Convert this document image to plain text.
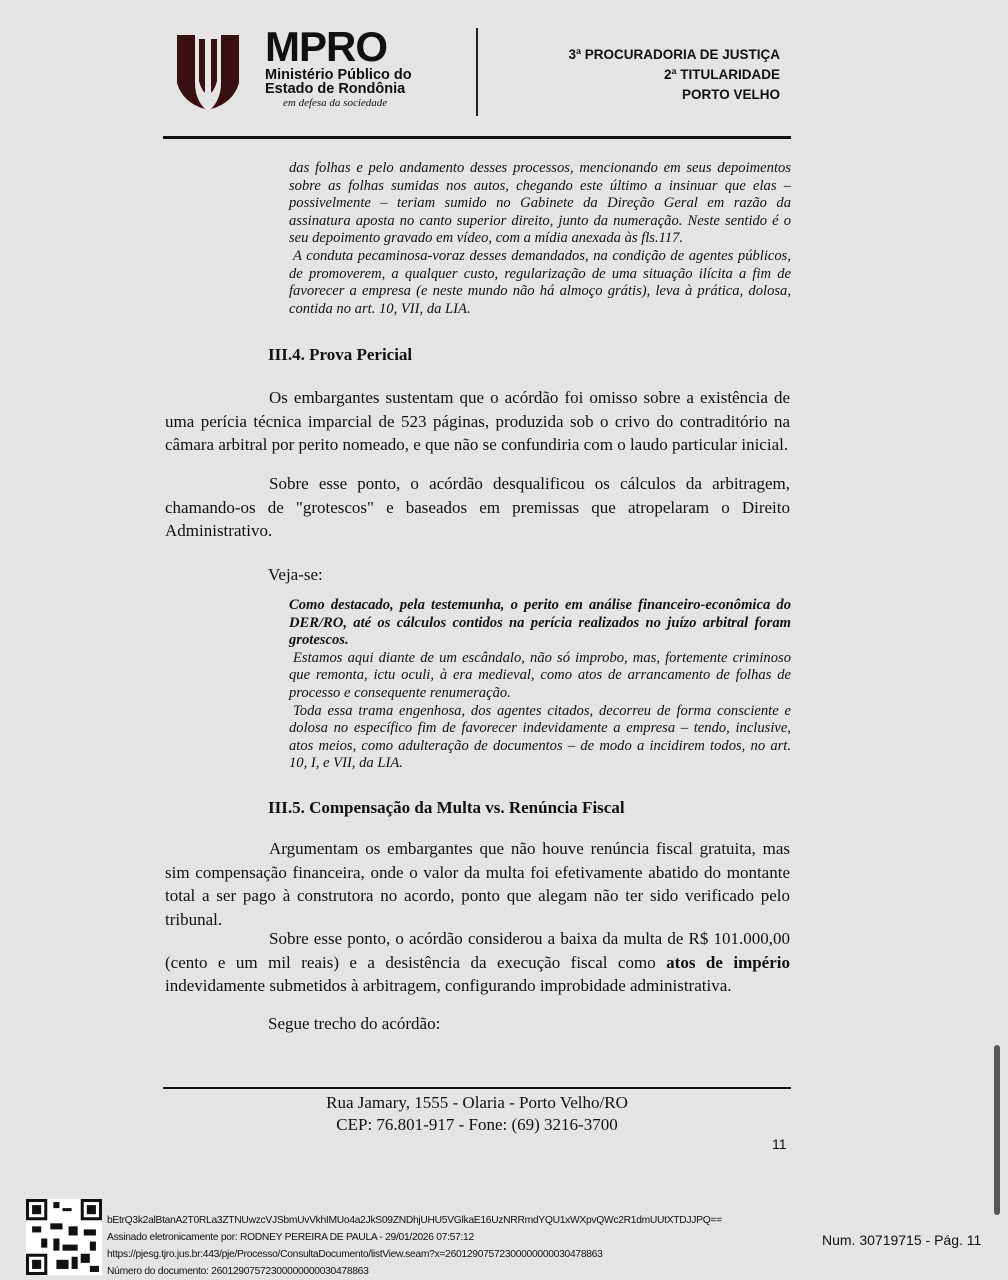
MPRO
Ministério Público do
Estado de Rondônia
em defesa da sociedade
3ª PROCURADORIA DE JUSTIÇA
2ª TITULARIDADE
PORTO VELHO

das folhas e pelo andamento desses processos, mencionando em seus depoimentos sobre as folhas sumidas nos autos, chegando este último a insinuar que elas – possivelmente – teriam sumido no Gabinete da Direção Geral em razão da assinatura aposta no canto superior direito, junto da numeração. Neste sentido é o seu depoimento gravado em vídeo, com a mídia anexada às fls.117.

A conduta pecaminosa-voraz desses demandados, na condição de agentes públicos, de promoverem, a qualquer custo, regularização de uma situação ilícita a fim de favorecer a empresa (e neste mundo não há almoço grátis), leva à prática, dolosa, contida no art. 10, VII, da LIA.

III.4. Prova Pericial

Os embargantes sustentam que o acórdão foi omisso sobre a existência de uma perícia técnica imparcial de 523 páginas, produzida sob o crivo do contraditório na câmara arbitral por perito nomeado, e que não se confundiria com o laudo particular inicial.

Sobre esse ponto, o acórdão desqualificou os cálculos da arbitragem, chamando-os de "grotescos" e baseados em premissas que atropelaram o Direito Administrativo.

Veja-se:

Como destacado, pela testemunha, o perito em análise financeiro-econômica do DER/RO, até os cálculos contidos na perícia realizados no juízo arbitral foram grotescos.

Estamos aqui diante de um escândalo, não só improbo, mas, fortemente criminoso que remonta, ictu oculi, à era medieval, como atos de arrancamento de folhas de processo e consequente renumeração.

Toda essa trama engenhosa, dos agentes citados, decorreu de forma consciente e dolosa no específico fim de favorecer indevidamente a empresa – tendo, inclusive, atos meios, como adulteração de documentos – de modo a incidirem todos, no art. 10, I, e VII, da LIA.

III.5. Compensação da Multa vs. Renúncia Fiscal

Argumentam os embargantes que não houve renúncia fiscal gratuita, mas sim compensação financeira, onde o valor da multa foi efetivamente abatido do montante total a ser pago à construtora no acordo, ponto que alegam não ter sido verificado pelo tribunal.

Sobre esse ponto, o acórdão considerou a baixa da multa de R$ 101.000,00 (cento e um mil reais) e a desistência da execução fiscal como atos de império indevidamente submetidos à arbitragem, configurando improbidade administrativa.

Segue trecho do acórdão:
Rua Jamary, 1555 - Olaria - Porto Velho/RO
CEP: 76.801-917 - Fone: (69) 3216-3700
11
bEtrQ3k2alBtanA2T0RLa3ZTNUwzcVJSbmUvVkhIMUo4a2JkS09ZNDhjUHU5VGlkaE16UzNRRmdYQU1xWXpvQWc2R1dmUUtXTDJJPQ==
Assinado eletronicamente por: RODNEY PEREIRA DE PAULA - 29/01/2026 07:57:12
https://pjesg.tjro.jus.br:443/pje/Processo/ConsultaDocumento/listView.seam?x=26012907572300000000030478863
Número do documento: 26012907572300000000030478863
Num. 30719715 - Pág. 11
